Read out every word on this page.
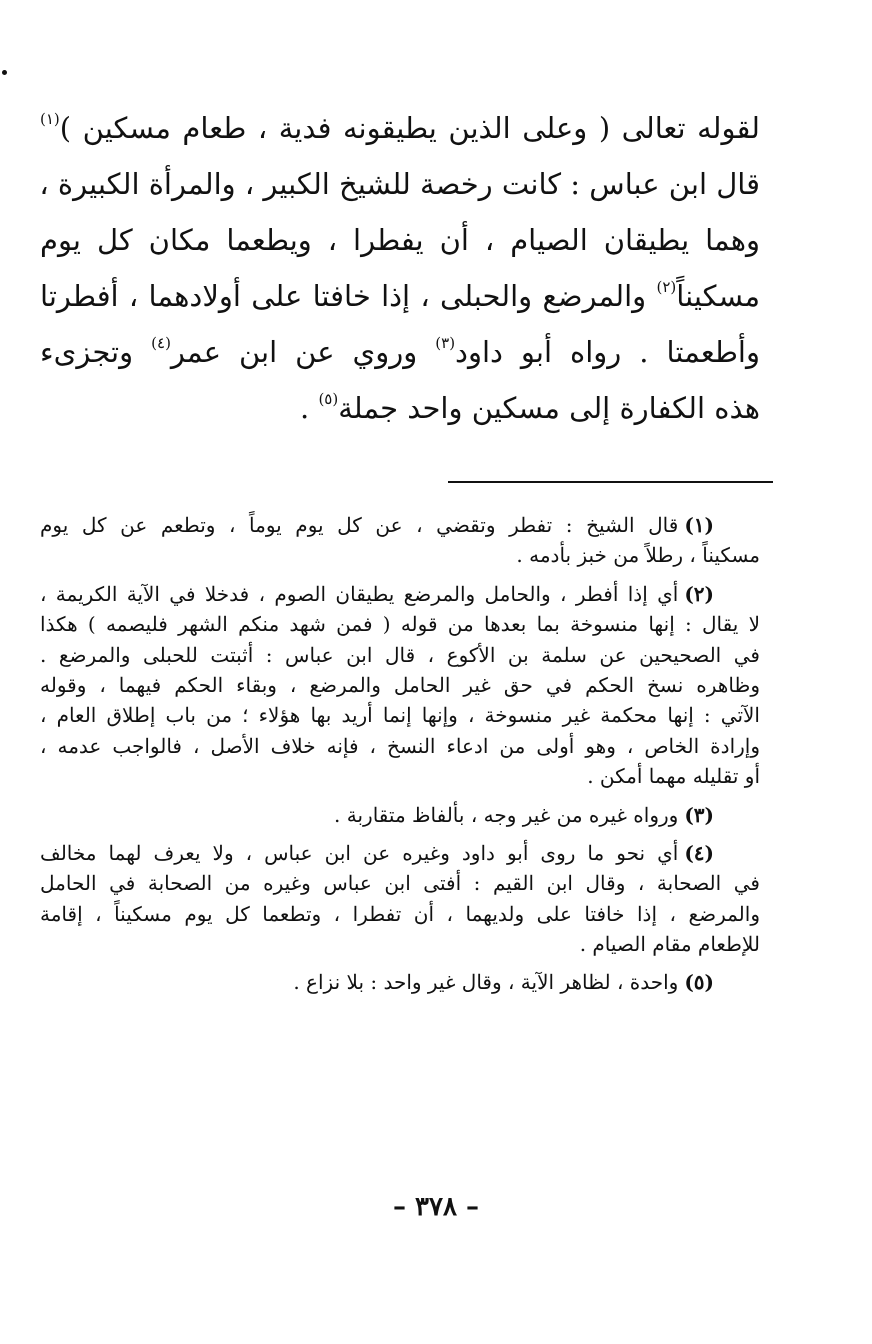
لقوله تعالى ( وعلى الذين يطيقونه فدية ، طعام مسكين )$^{(١)}$
قال ابن عباس : كانت رخصة للشيخ الكبير ، والمرأة الكبيرة ،
وهما يطيقان الصيام ، أن يفطرا ، ويطعما مكان كل يوم
مسكيناً$^{(٢)}$ والمرضع والحبلى ، إذا خافتا على أولادهما ، أفطرتا
وأطعمتا . رواه أبو داود$^{(٣)}$ وروي عن ابن عمر$^{(٤)}$ وتجزىء
هذه الكفارة إلى مسكين واحد جملة$^{(٥)}$ .
(١)قال الشيخ : تفطر وتقضي ، عن كل يوم يوماً ، وتطعم عن كل يوم
مسكيناً ، رطلاً من خبز بأدمه .
(٢)أي إذا أفطر ، والحامل والمرضع يطيقان الصوم ، فدخلا في الآية الكريمة ،
لا يقال : إنها منسوخة بما بعدها من قوله ( فمن شهد منكم الشهر فليصمه ) هكذا
في الصحيحين عن سلمة بن الأكوع ، قال ابن عباس : أثبتت للحبلى والمرضع .
وظاهره نسخ الحكم في حق غير الحامل والمرضع ، وبقاء الحكم فيهما ، وقوله
الآتي : إنها محكمة غير منسوخة ، وإنها إنما أريد بها هؤلاء ؛ من باب إطلاق العام ،
وإرادة الخاص ، وهو أولى من ادعاء النسخ ، فإنه خلاف الأصل ، فالواجب عدمه ،
أو تقليله مهما أمكن .
(٣)ورواه غيره من غير وجه ، بألفاظ متقاربة .
(٤)أي نحو ما روى أبو داود وغيره عن ابن عباس ، ولا يعرف لهما مخالف
في الصحابة ، وقال ابن القيم : أفتى ابن عباس وغيره من الصحابة في الحامل
والمرضع ، إذا خافتا على ولديهما ، أن تفطرا ، وتطعما كل يوم مسكيناً ، إقامة
للإطعام مقام الصيام .
(٥)واحدة ، لظاهر الآية ، وقال غير واحد : بلا نزاع .
– ٣٧٨ –
